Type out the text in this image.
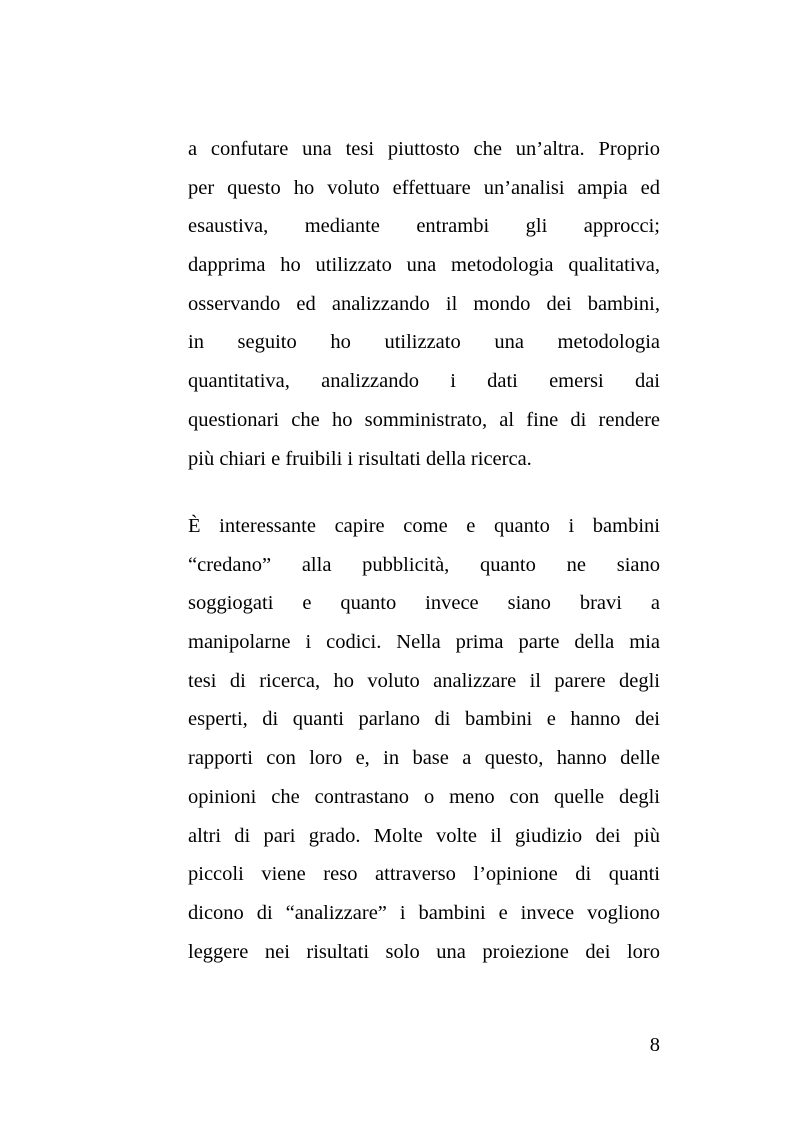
a confutare una tesi piuttosto che un’altra. Proprio
per questo ho voluto effettuare un’analisi ampia ed
esaustiva, mediante entrambi gli approcci;
dapprima ho utilizzato una metodologia qualitativa,
osservando ed analizzando il mondo dei bambini,
in seguito ho utilizzato una metodologia
quantitativa, analizzando i dati emersi dai
questionari che ho somministrato, al fine di rendere
più chiari e fruibili i risultati della ricerca.
È interessante capire come e quanto i bambini
“credano” alla pubblicità, quanto ne siano
soggiogati e quanto invece siano bravi a
manipolarne i codici. Nella prima parte della mia
tesi di ricerca, ho voluto analizzare il parere degli
esperti, di quanti parlano di bambini e hanno dei
rapporti con loro e, in base a questo, hanno delle
opinioni che contrastano o meno con quelle degli
altri di pari grado. Molte volte il giudizio dei più
piccoli viene reso attraverso l’opinione di quanti
dicono di “analizzare” i bambini e invece vogliono
leggere nei risultati solo una proiezione dei loro
8
